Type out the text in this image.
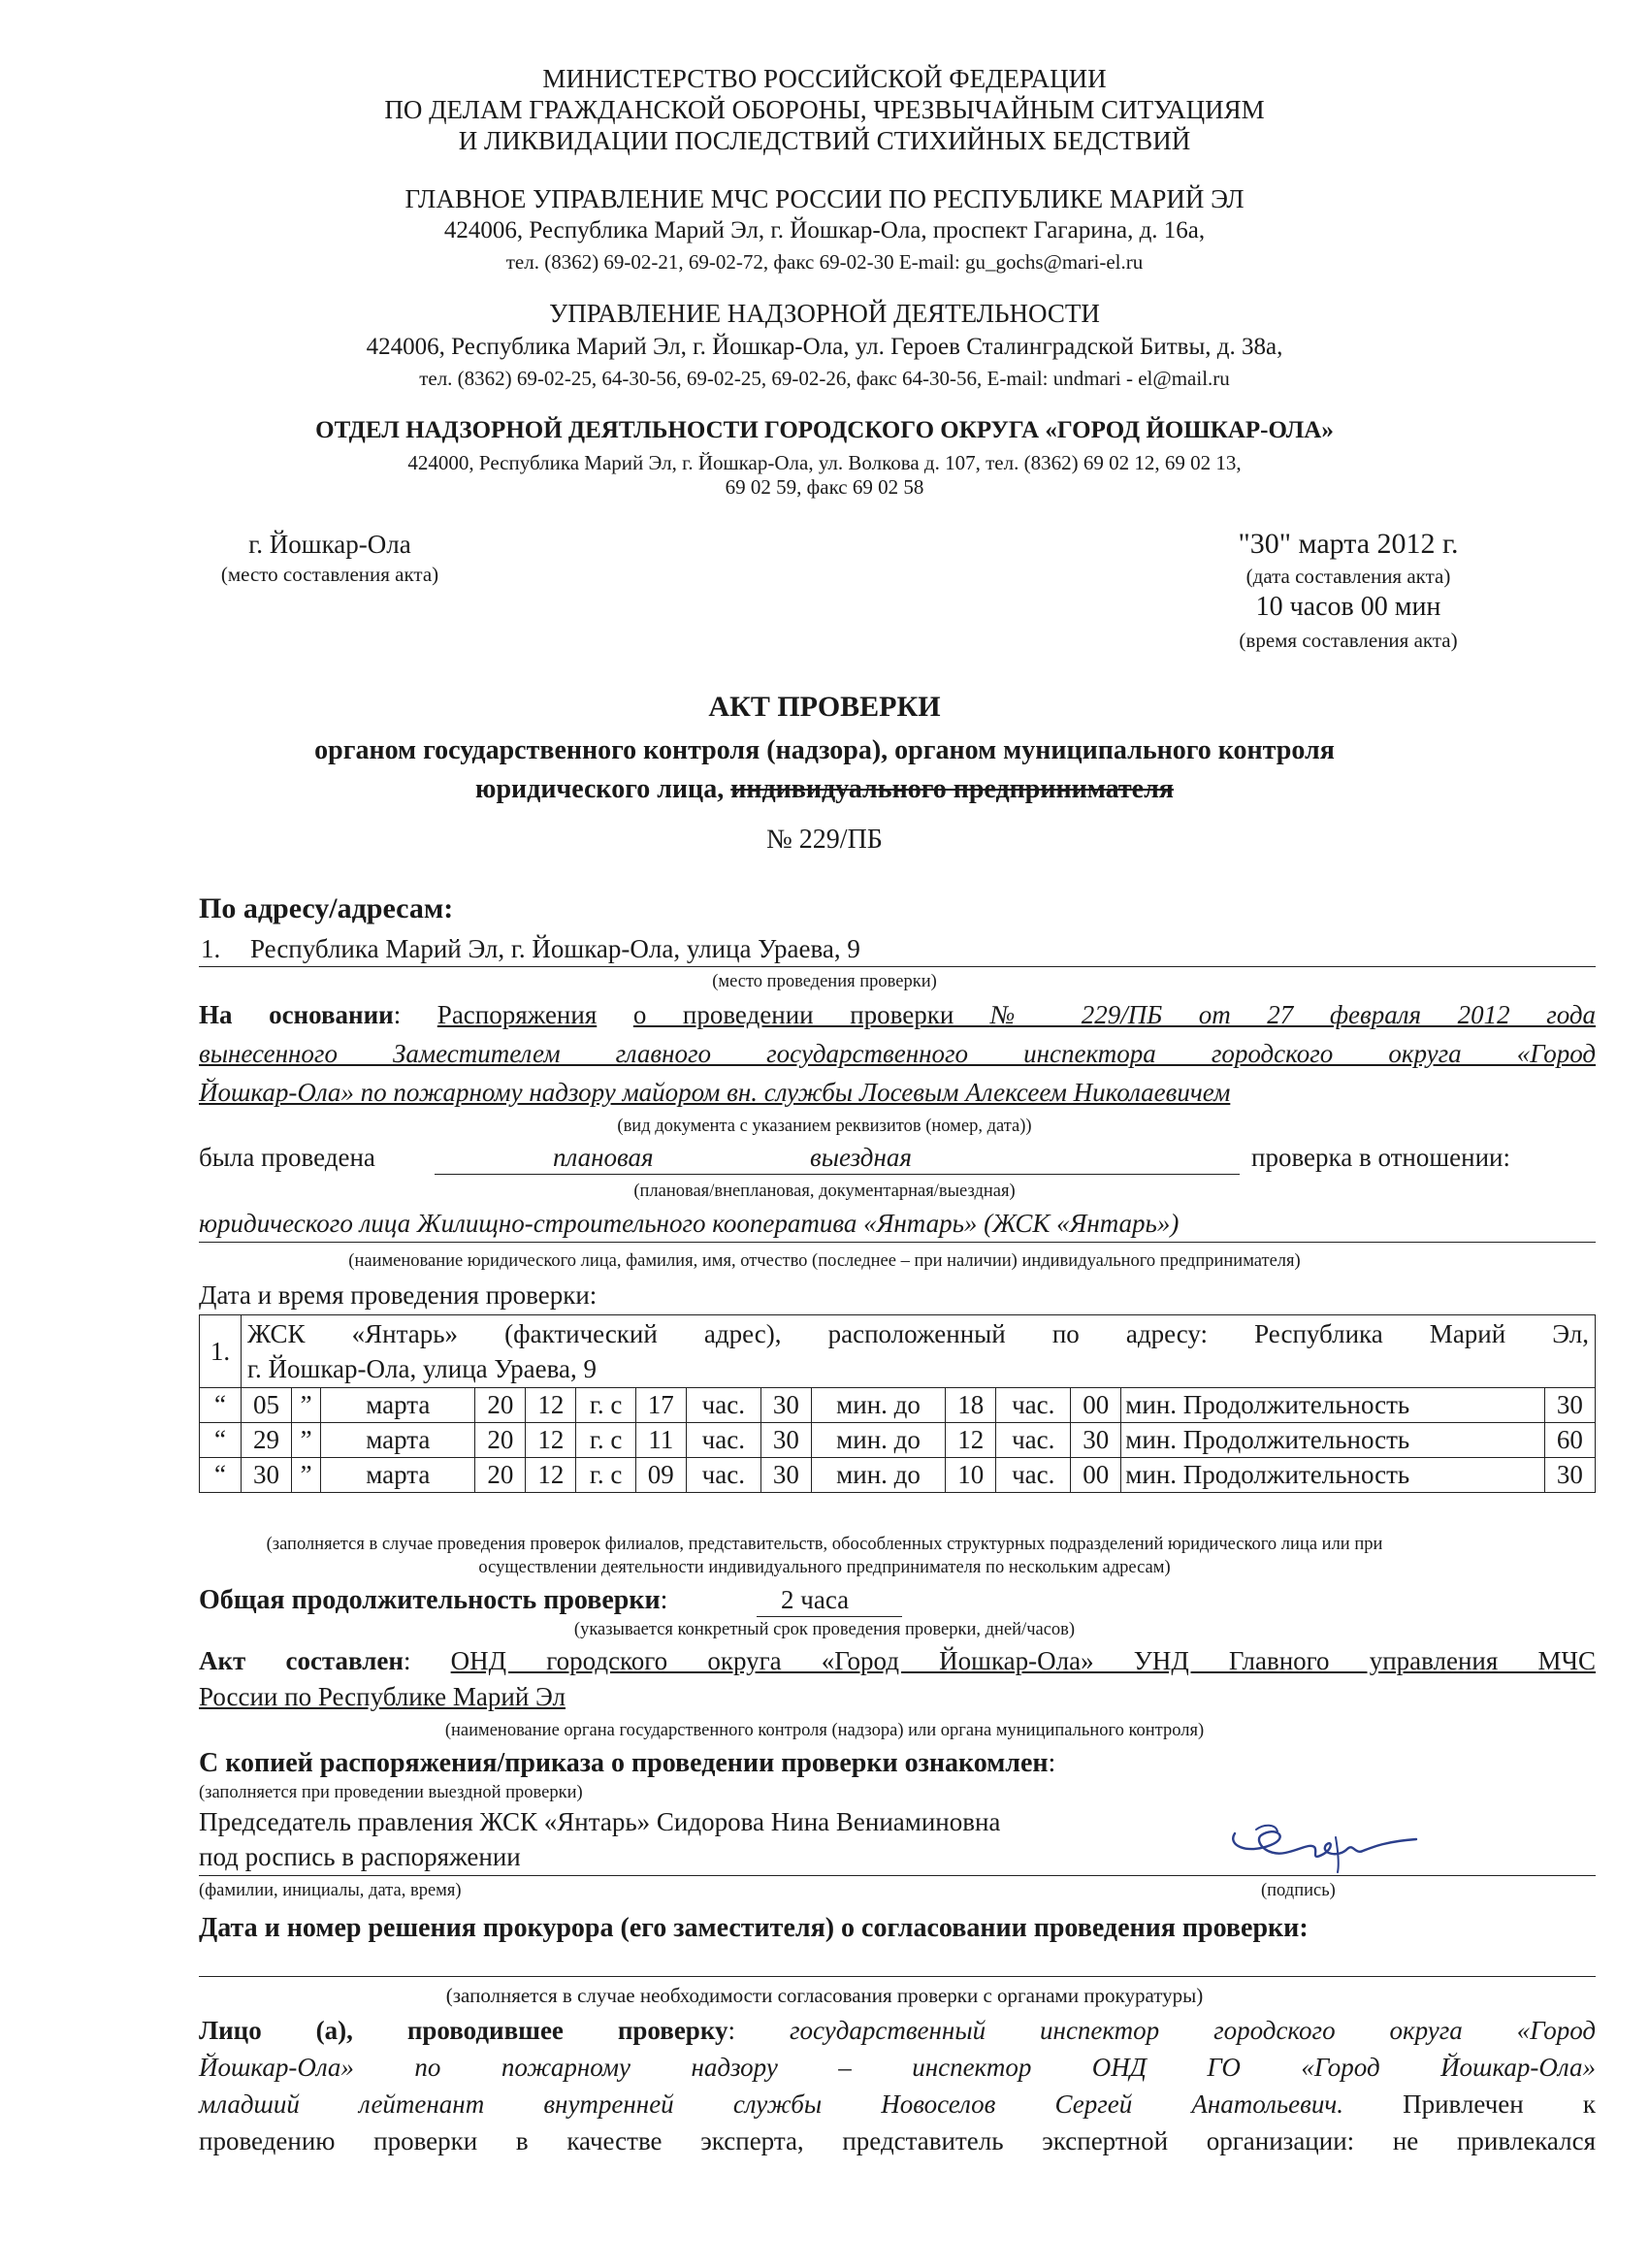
МИНИСТЕРСТВО РОССИЙСКОЙ ФЕДЕРАЦИИ
ПО ДЕЛАМ ГРАЖДАНСКОЙ ОБОРОНЫ, ЧРЕЗВЫЧАЙНЫМ СИТУАЦИЯМ
И ЛИКВИДАЦИИ ПОСЛЕДСТВИЙ СТИХИЙНЫХ БЕДСТВИЙ
ГЛАВНОЕ УПРАВЛЕНИЕ МЧС РОССИИ ПО РЕСПУБЛИКЕ МАРИЙ ЭЛ
424006, Республика Марий Эл, г. Йошкар-Ола, проспект Гагарина, д. 16а,
тел. (8362) 69-02-21, 69-02-72, факс 69-02-30 E-mail: gu_gochs@mari-el.ru
УПРАВЛЕНИЕ НАДЗОРНОЙ ДЕЯТЕЛЬНОСТИ
424006, Республика Марий Эл, г. Йошкар-Ола, ул. Героев Сталинградской Битвы, д. 38а,
тел. (8362) 69-02-25, 64-30-56, 69-02-25, 69-02-26, факс 64-30-56, E-mail: undmari - el@mail.ru
ОТДЕЛ НАДЗОРНОЙ ДЕЯТЛЬНОСТИ ГОРОДСКОГО ОКРУГА «ГОРОД ЙОШКАР-ОЛА»
424000, Республика Марий Эл, г. Йошкар-Ола, ул. Волкова д. 107, тел. (8362) 69 02 12, 69 02 13,
69 02 59, факс 69 02 58
г. Йошкар-Ола
(место составления акта)
"30" марта 2012 г.
(дата составления акта)
10 часов 00 мин
(время составления акта)
АКТ ПРОВЕРКИ
органом государственного контроля (надзора), органом муниципального контроля
юридического лица, индивидуального предпринимателя
№ 229/ПБ
По адресу/адресам:
1. Республика Марий Эл, г. Йошкар-Ола, улица Ураева, 9
(место проведения проверки)
На основании: Распоряжения о проведении проверки № 229/ПБ от 27 февраля 2012 года
вынесенного Заместителем главного государственного инспектора городского округа «Город
Йошкар-Ола» по пожарному надзору майором вн. службы Лосевым Алексеем Николаевичем
(вид документа с указанием реквизитов (номер, дата))
была проведена	плановая	выездная	проверка в отношении:
(плановая/внеплановая, документарная/выездная)
юридического лица Жилищно-строительного кооператива «Янтарь» (ЖСК «Янтарь»)
(наименование юридического лица, фамилия, имя, отчество (последнее – при наличии) индивидуального предпринимателя)
Дата и время проведения проверки:
1.	ЖСК «Янтарь» (фактический адрес), расположенный по адресу: Республика Марий Эл,
г. Йошкар-Ола, улица Ураева, 9														

“	05	”	марта	20	12	г. с	17	час.	30	мин. до	18	час.	00	мин. Продолжительность	30
“	29	”	марта	20	12	г. с	11	час.	30	мин. до	12	час.	30	мин. Продолжительность	60
“	30	”	марта	20	12	г. с	09	час.	30	мин. до	10	час.	00	мин. Продолжительность	30
(заполняется в случае проведения проверок филиалов, представительств, обособленных структурных подразделений юридического лица или при
осуществлении деятельности индивидуального предпринимателя по нескольким адресам)
Общая продолжительность проверки:	2 часа
(указывается конкретный срок проведения проверки, дней/часов)
Акт составлен: ОНД городского округа «Город Йошкар-Ола» УНД Главного управления МЧС
России по Республике Марий Эл
(наименование органа государственного контроля (надзора) или органа муниципального контроля)
С копией распоряжения/приказа о проведении проверки ознакомлен:
(заполняется при проведении выездной проверки)
Председатель правления ЖСК «Янтарь» Сидорова Нина Вениаминовна
под роспись в распоряжении
(фамилии, инициалы, дата, время)	(подпись)
Дата и номер решения прокурора (его заместителя) о согласовании проведения проверки:
(заполняется в случае необходимости согласования проверки с органами прокуратуры)
Лицо (а), проводившее проверку: государственный инспектор городского округа «Город
Йошкар-Ола» по пожарному надзору – инспектор ОНД ГО «Город Йошкар-Ола»
младший лейтенант внутренней службы Новоселов Сергей Анатольевич. Привлечен к
проведению проверки в качестве эксперта, представитель экспертной организации: не привлекался
